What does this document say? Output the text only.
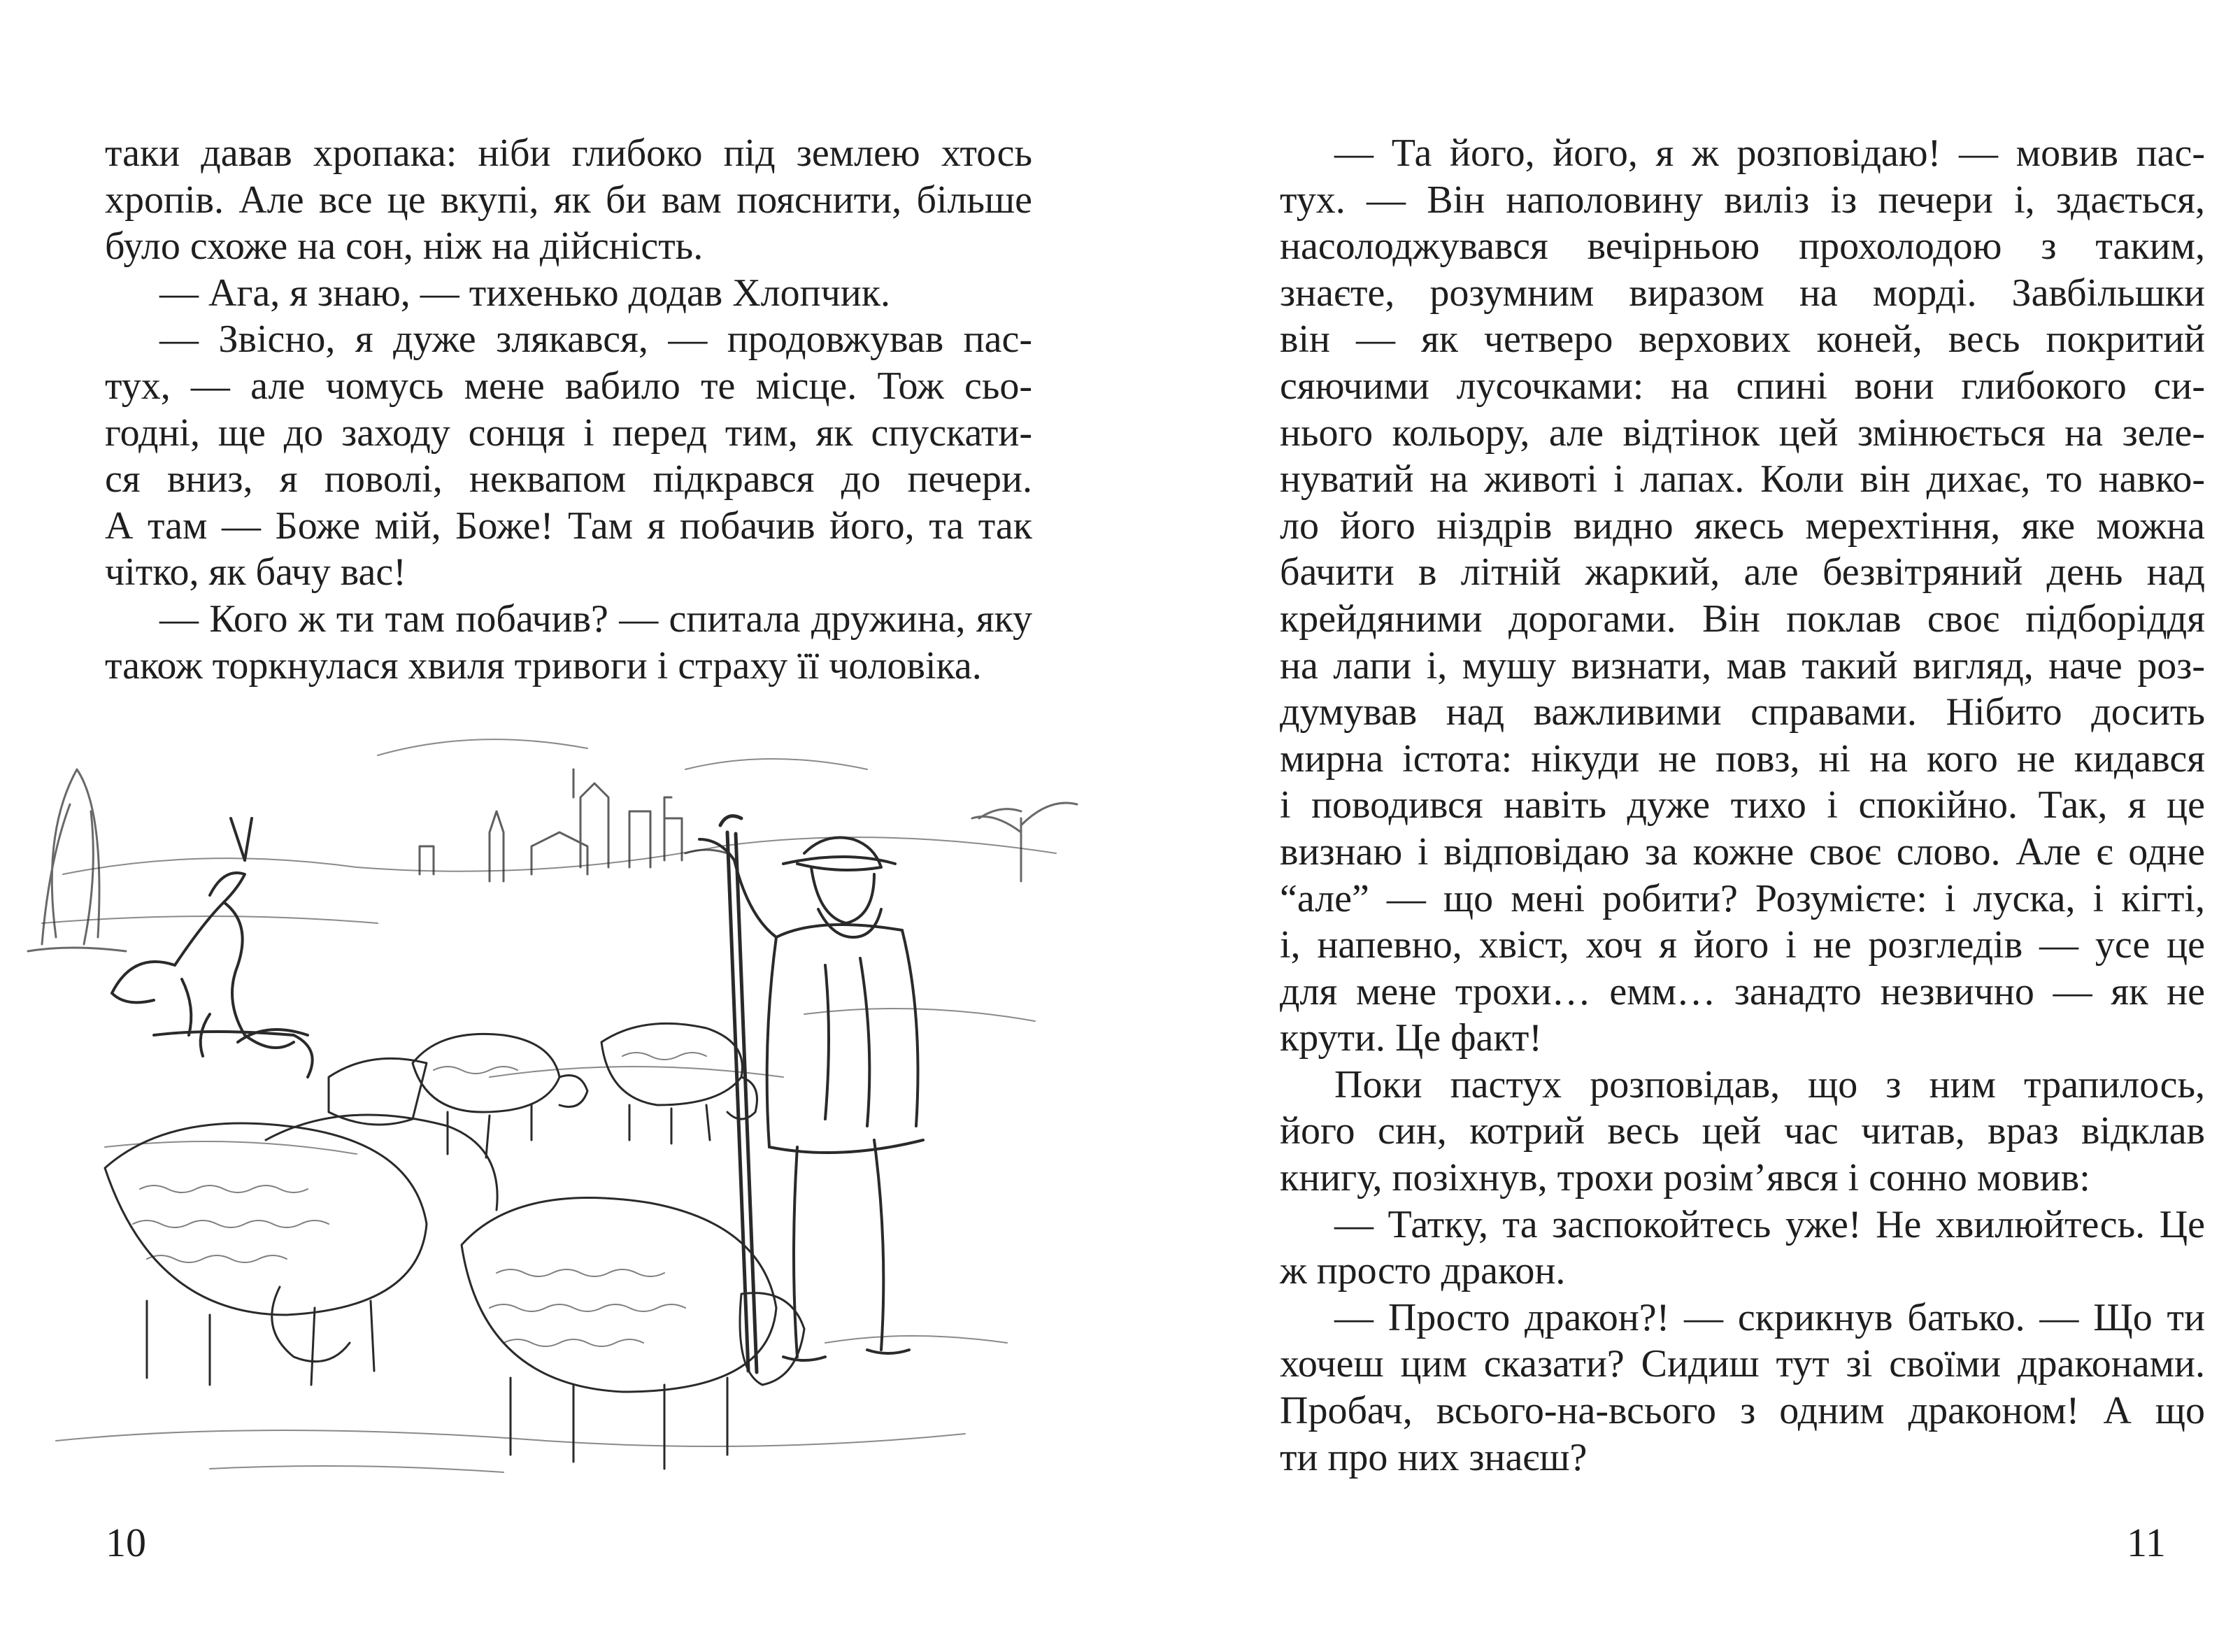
таки давав хропака: ніби глибоко під землею хтось
хропів. Але все це вкупі, як би вам пояснити, більше
було схоже на сон, ніж на дійсність.
— Ага, я знаю, — тихенько додав Хлопчик.
— Звісно, я дуже злякався, — продовжував пас-
тух, — але чомусь мене вабило те місце. Тож сьо-
годні, ще до заходу сонця і перед тим, як спускати-
ся вниз, я поволі, неквапом підкрався до печери.
А там — Боже мій, Боже! Там я побачив його, та так
чітко, як бачу вас!
— Кого ж ти там побачив? — спитала дружина, яку
також торкнулася хвиля тривоги і страху її чоловіка.
10
— Та його, його, я ж розповідаю! — мовив пас-
тух. — Він наполовину виліз із печери і, здається,
насолоджувався вечірньою прохолодою з таким,
знаєте, розумним виразом на морді. Завбільшки
він — як четверо верхових коней, весь покритий
сяючими лусочками: на спині вони глибокого си-
нього кольору, але відтінок цей змінюється на зеле-
нуватий на животі і лапах. Коли він дихає, то навко-
ло його ніздрів видно якесь мерехтіння, яке можна
бачити в літній жаркий, але безвітряний день над
крейдяними дорогами. Він поклав своє підборіддя
на лапи і, мушу визнати, мав такий вигляд, наче роз-
думував над важливими справами. Нібито досить
мирна істота: нікуди не повз, ні на кого не кидався
і поводився навіть дуже тихо і спокійно. Так, я це
визнаю і відповідаю за кожне своє слово. Але є одне
“але” — що мені робити? Розумієте: і луска, і кігті,
і, напевно, хвіст, хоч я його і не розгледів — усе це
для мене трохи… емм… занадто незвично — як не
крути. Це факт!
Поки пастух розповідав, що з ним трапилось,
його син, котрий весь цей час читав, враз відклав
книгу, позіхнув, трохи розім’явся і сонно мовив:
— Татку, та заспокойтесь уже! Не хвилюйтесь. Це
ж просто дракон.
— Просто дракон?! — скрикнув батько. — Що ти
хочеш цим сказати? Сидиш тут зі своїми драконами.
Пробач, всього-на-всього з одним драконом! А що
ти про них знаєш?
11
